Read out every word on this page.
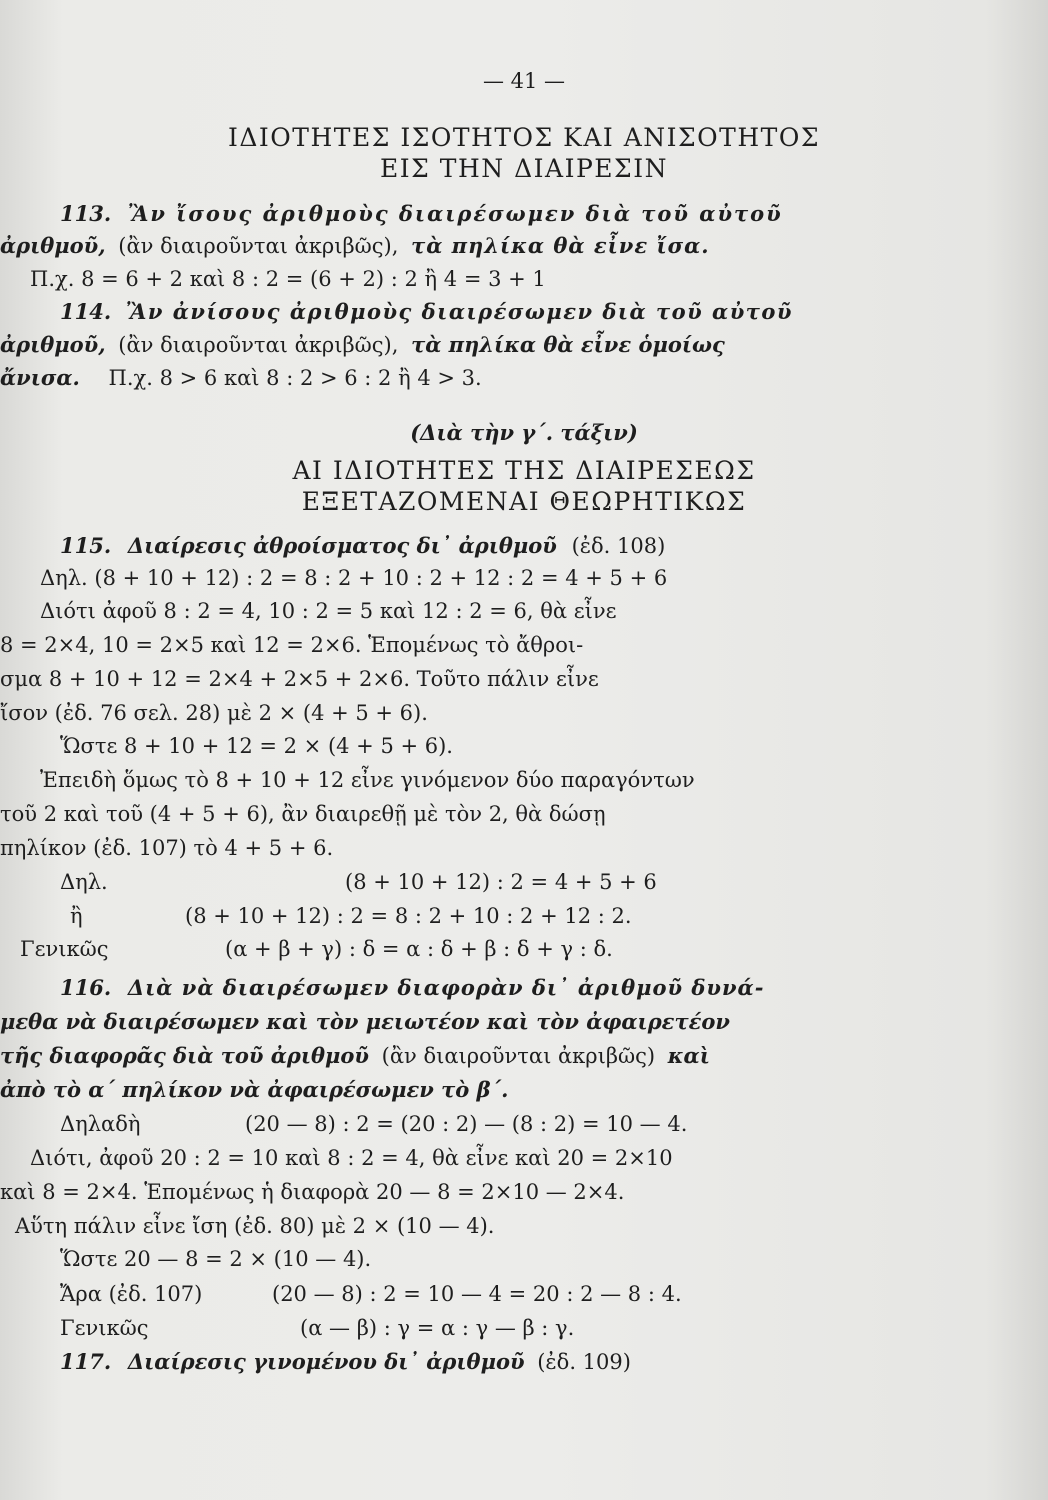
— 41 —
ΙΔΙΟΤΗΤΕΣ ΙΣΟΤΗΤΟΣ ΚΑΙ ΑΝΙΣΟΤΗΤΟΣ
ΕΙΣ ΤΗΝ ΔΙΑΙΡΕΣΙΝ
113. Ἂν ἴσους ἀριθμοὺς διαιρέσωμεν διὰ τοῦ αὐτοῦ
ἀριθμοῦ, (ἂν διαιροῦνται ἀκριβῶς), τὰ πηλίκα θὰ εἶνε ἴσα.
Π.χ. 8 = 6 + 2 καὶ 8 : 2 = (6 + 2) : 2 ἢ 4 = 3 + 1
114. Ἂν ἀνίσους ἀριθμοὺς διαιρέσωμεν διὰ τοῦ αὐτοῦ
ἀριθμοῦ, (ἂν διαιροῦνται ἀκριβῶς), τὰ πηλίκα θὰ εἶνε ὁμοίως
ἄνισα. Π.χ. 8 > 6 καὶ 8 : 2 > 6 : 2 ἢ 4 > 3.
(Διὰ τὴν γ΄. τάξιν)
ΑΙ ΙΔΙΟΤΗΤΕΣ ΤΗΣ ΔΙΑΙΡΕΣΕΩΣ
ΕΞΕΤΑΖΟΜΕΝΑΙ ΘΕΩΡΗΤΙΚΩΣ
115. Διαίρεσις ἀθροίσματος δι᾿ ἀριθμοῦ (ἐδ. 108)
Δηλ. (8 + 10 + 12) : 2 = 8 : 2 + 10 : 2 + 12 : 2 = 4 + 5 + 6
Διότι ἀφοῦ 8 : 2 = 4, 10 : 2 = 5 καὶ 12 : 2 = 6, θὰ εἶνε
8 = 2×4, 10 = 2×5 καὶ 12 = 2×6. Ἑπομένως τὸ ἄθροι-
σμα 8 + 10 + 12 = 2×4 + 2×5 + 2×6. Τοῦτο πάλιν εἶνε
ἴσον (ἐδ. 76 σελ. 28) μὲ 2 × (4 + 5 + 6).
Ὥστε 8 + 10 + 12 = 2 × (4 + 5 + 6).
Ἐπειδὴ ὅμως τὸ 8 + 10 + 12 εἶνε γινόμενον δύο παραγόντων
τοῦ 2 καὶ τοῦ (4 + 5 + 6), ἂν διαιρεθῇ μὲ τὸν 2, θὰ δώσῃ
πηλίκον (ἐδ. 107) τὸ 4 + 5 + 6.
Δηλ.	(8 + 10 + 12) : 2 = 4 + 5 + 6
ἢ	(8 + 10 + 12) : 2 = 8 : 2 + 10 : 2 + 12 : 2.
Γενικῶς	(α + β + γ) : δ = α : δ + β : δ + γ : δ.
116. Διὰ νὰ διαιρέσωμεν διαφορὰν δι᾿ ἀριθμοῦ δυνά-
μεθα νὰ διαιρέσωμεν καὶ τὸν μειωτέον καὶ τὸν ἀφαιρετέον
τῆς διαφορᾶς διὰ τοῦ ἀριθμοῦ (ἂν διαιροῦνται ἀκριβῶς) καὶ
ἀπὸ τὸ α΄ πηλίκον νὰ ἀφαιρέσωμεν τὸ β΄.
Δηλαδὴ	(20 — 8) : 2 = (20 : 2) — (8 : 2) = 10 — 4.
Διότι, ἀφοῦ 20 : 2 = 10 καὶ 8 : 2 = 4, θὰ εἶνε καὶ 20 = 2×10
καὶ 8 = 2×4. Ἑπομένως ἡ διαφορὰ 20 — 8 = 2×10 — 2×4.
Αὕτη πάλιν εἶνε ἴση (ἐδ. 80) μὲ 2 × (10 — 4).
Ὥστε 20 — 8 = 2 × (10 — 4).
Ἄρα (ἐδ. 107)	(20 — 8) : 2 = 10 — 4 = 20 : 2 — 8 : 4.
Γενικῶς	(α — β) : γ = α : γ — β : γ.
117. Διαίρεσις γινομένου δι᾿ ἀριθμοῦ (ἐδ. 109)
